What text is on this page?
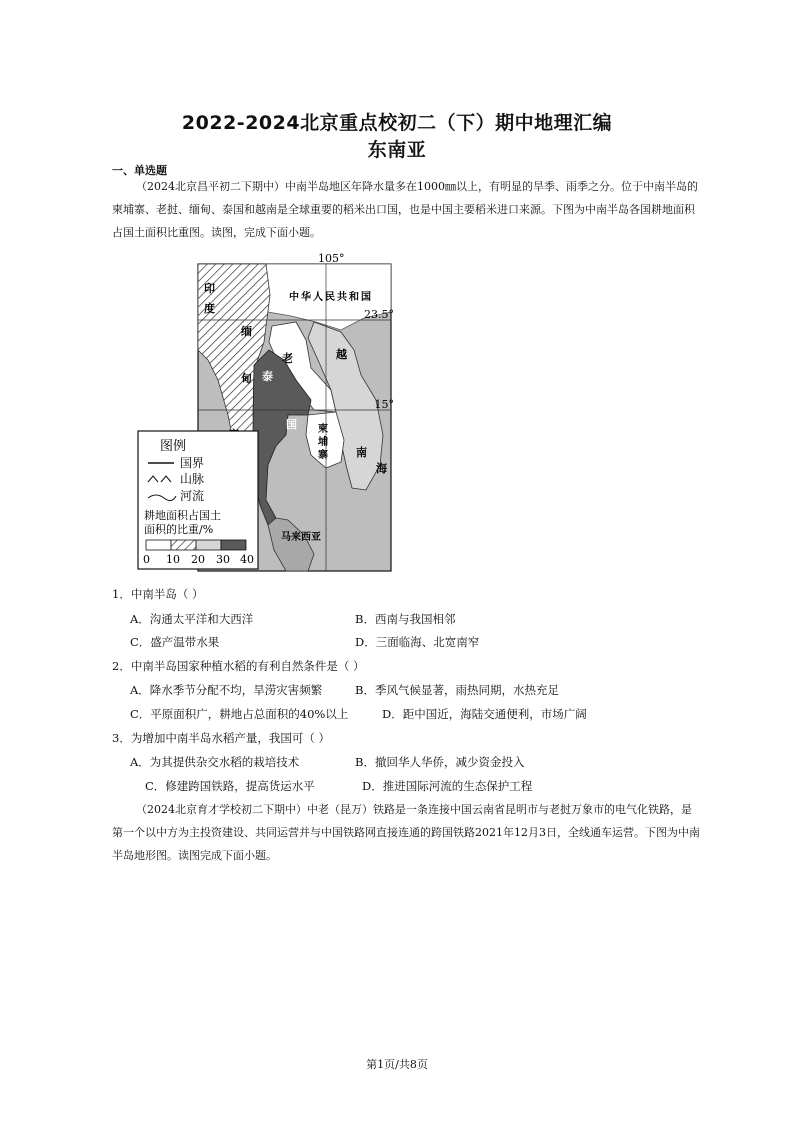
2022-2024北京重点校初二（下）期中地理汇编
东南亚
一、单选题
（2024北京昌平初二下期中）中南半岛地区年降水量多在1000㎜以上，有明显的旱季、雨季之分。位于中南半岛的柬埔寨、老挝、缅甸、泰国和越南是全球重要的稻米出口国，也是中国主要稻米进口来源。下图为中南半岛各国耕地面积占国土面积比重图。读图，完成下面小题。
105°
23.5°
15°
中华人民共和国
印
度
缅
甸
老	越
南
泰
国 柬
埔
寨
海
马来西亚
图例
国界
山脉
河流
耕地面积占国土
面积的比重/%
0 10 20 30 40
1．中南半岛（ ）
A．沟通太平洋和大西洋	B．西南与我国相邻
C．盛产温带水果	D．三面临海、北宽南窄
2．中南半岛国家种植水稻的有利自然条件是（ ）
A．降水季节分配不均，旱涝灾害频繁	B．季风气候显著，雨热同期，水热充足
C．平原面积广，耕地占总面积的40%以上	D．距中国近，海陆交通便利，市场广阔
3．为增加中南半岛水稻产量，我国可（ ）
A．为其提供杂交水稻的栽培技术	B．撤回华人华侨，减少资金投入
C．修建跨国铁路，提高货运水平	D．推进国际河流的生态保护工程
（2024北京育才学校初二下期中）中老（昆万）铁路是一条连接中国云南省昆明市与老挝万象市的电气化铁路，是第一个以中方为主投资建设、共同运营并与中国铁路网直接连通的跨国铁路2021年12月3日，全线通车运营。下图为中南半岛地形图。读图完成下面小题。
第1页/共8页
